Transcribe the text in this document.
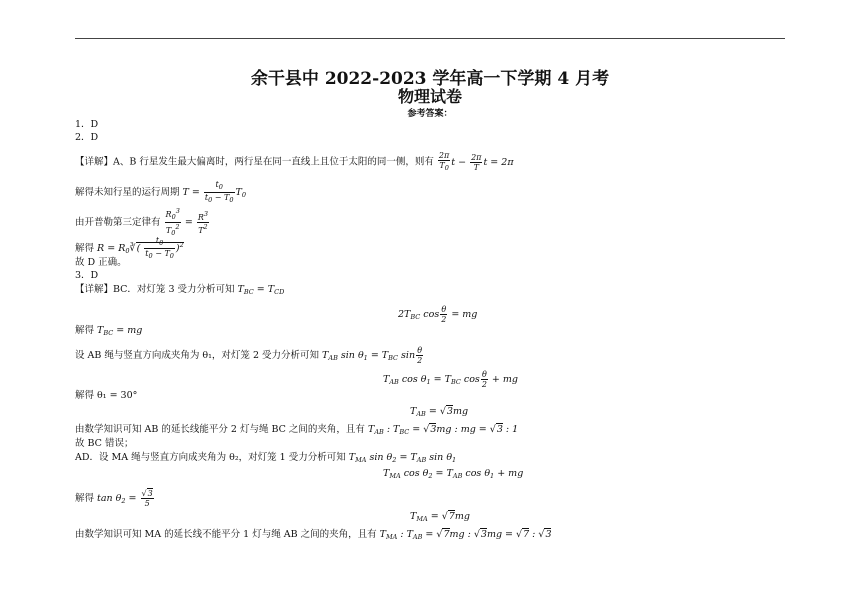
余干县中 2022-2023 学年高一下学期 4 月考
物理试卷
参考答案：
1．D
2．D
【详解】A、B 行星发生最大偏离时，两行星在同一直线上且位于太阳的同一侧，则有 $\frac{2\pi}{T_0}$ $t - \frac{2\pi}{T}$ t = 2π
解得未知行星的运行周期 $T = \frac{t_0}{t_0 - T_0} T_0$
由开普勒第三定律有 $\frac{R_0^3}{T_0^2} = \frac{R^3}{T^2}$
解得 $R = R_0∛( \frac{t_0}{t_0 - T_0} )^2$
故 D 正确。
3．D
【详解】BC．对灯笼 3 受力分析可知 $T_{BC} = T_{CD}$
$2T_{BC}$ $\cos \frac{\theta}{2}$ = mg
解得 $T_{BC}$ = mg
设 AB 绳与竖直方向成夹角为 θ₁，对灯笼 2 受力分析可知 $T_{AB}$ $\sin \theta_1 = T_{BC}$ $\sin \frac{\theta}{2}$
$T_{AB}$ $\cos \theta_1 = T_{BC}$ $\cos \frac{\theta}{2}$ + mg
解得 θ₁ = 30°
$T_{AB} = √3mg$
由数学知识可知 AB 的延长线能平分 2 灯与绳 BC 之间的夹角，且有 $T_{AB}$ : $T_{BC} = √3mg$ : mg = √3 : 1
故 BC 错误；
AD．设 MA 绳与竖直方向成夹角为 θ₂，对灯笼 1 受力分析可知 $T_{MA}$ $\sin \theta_2 = T_{AB}$ $\sin \theta_1$
$T_{MA}$ $\cos \theta_2 = T_{AB}$ $\cos \theta_1$ + mg
解得 $\tan \theta_2 = \frac{√3}{5}$
$T_{MA} = √7mg$
由数学知识可知 MA 的延长线不能平分 1 灯与绳 AB 之间的夹角，且有 $T_{MA}$ : $T_{AB} = √7mg$ : √3mg = √7 : √3
